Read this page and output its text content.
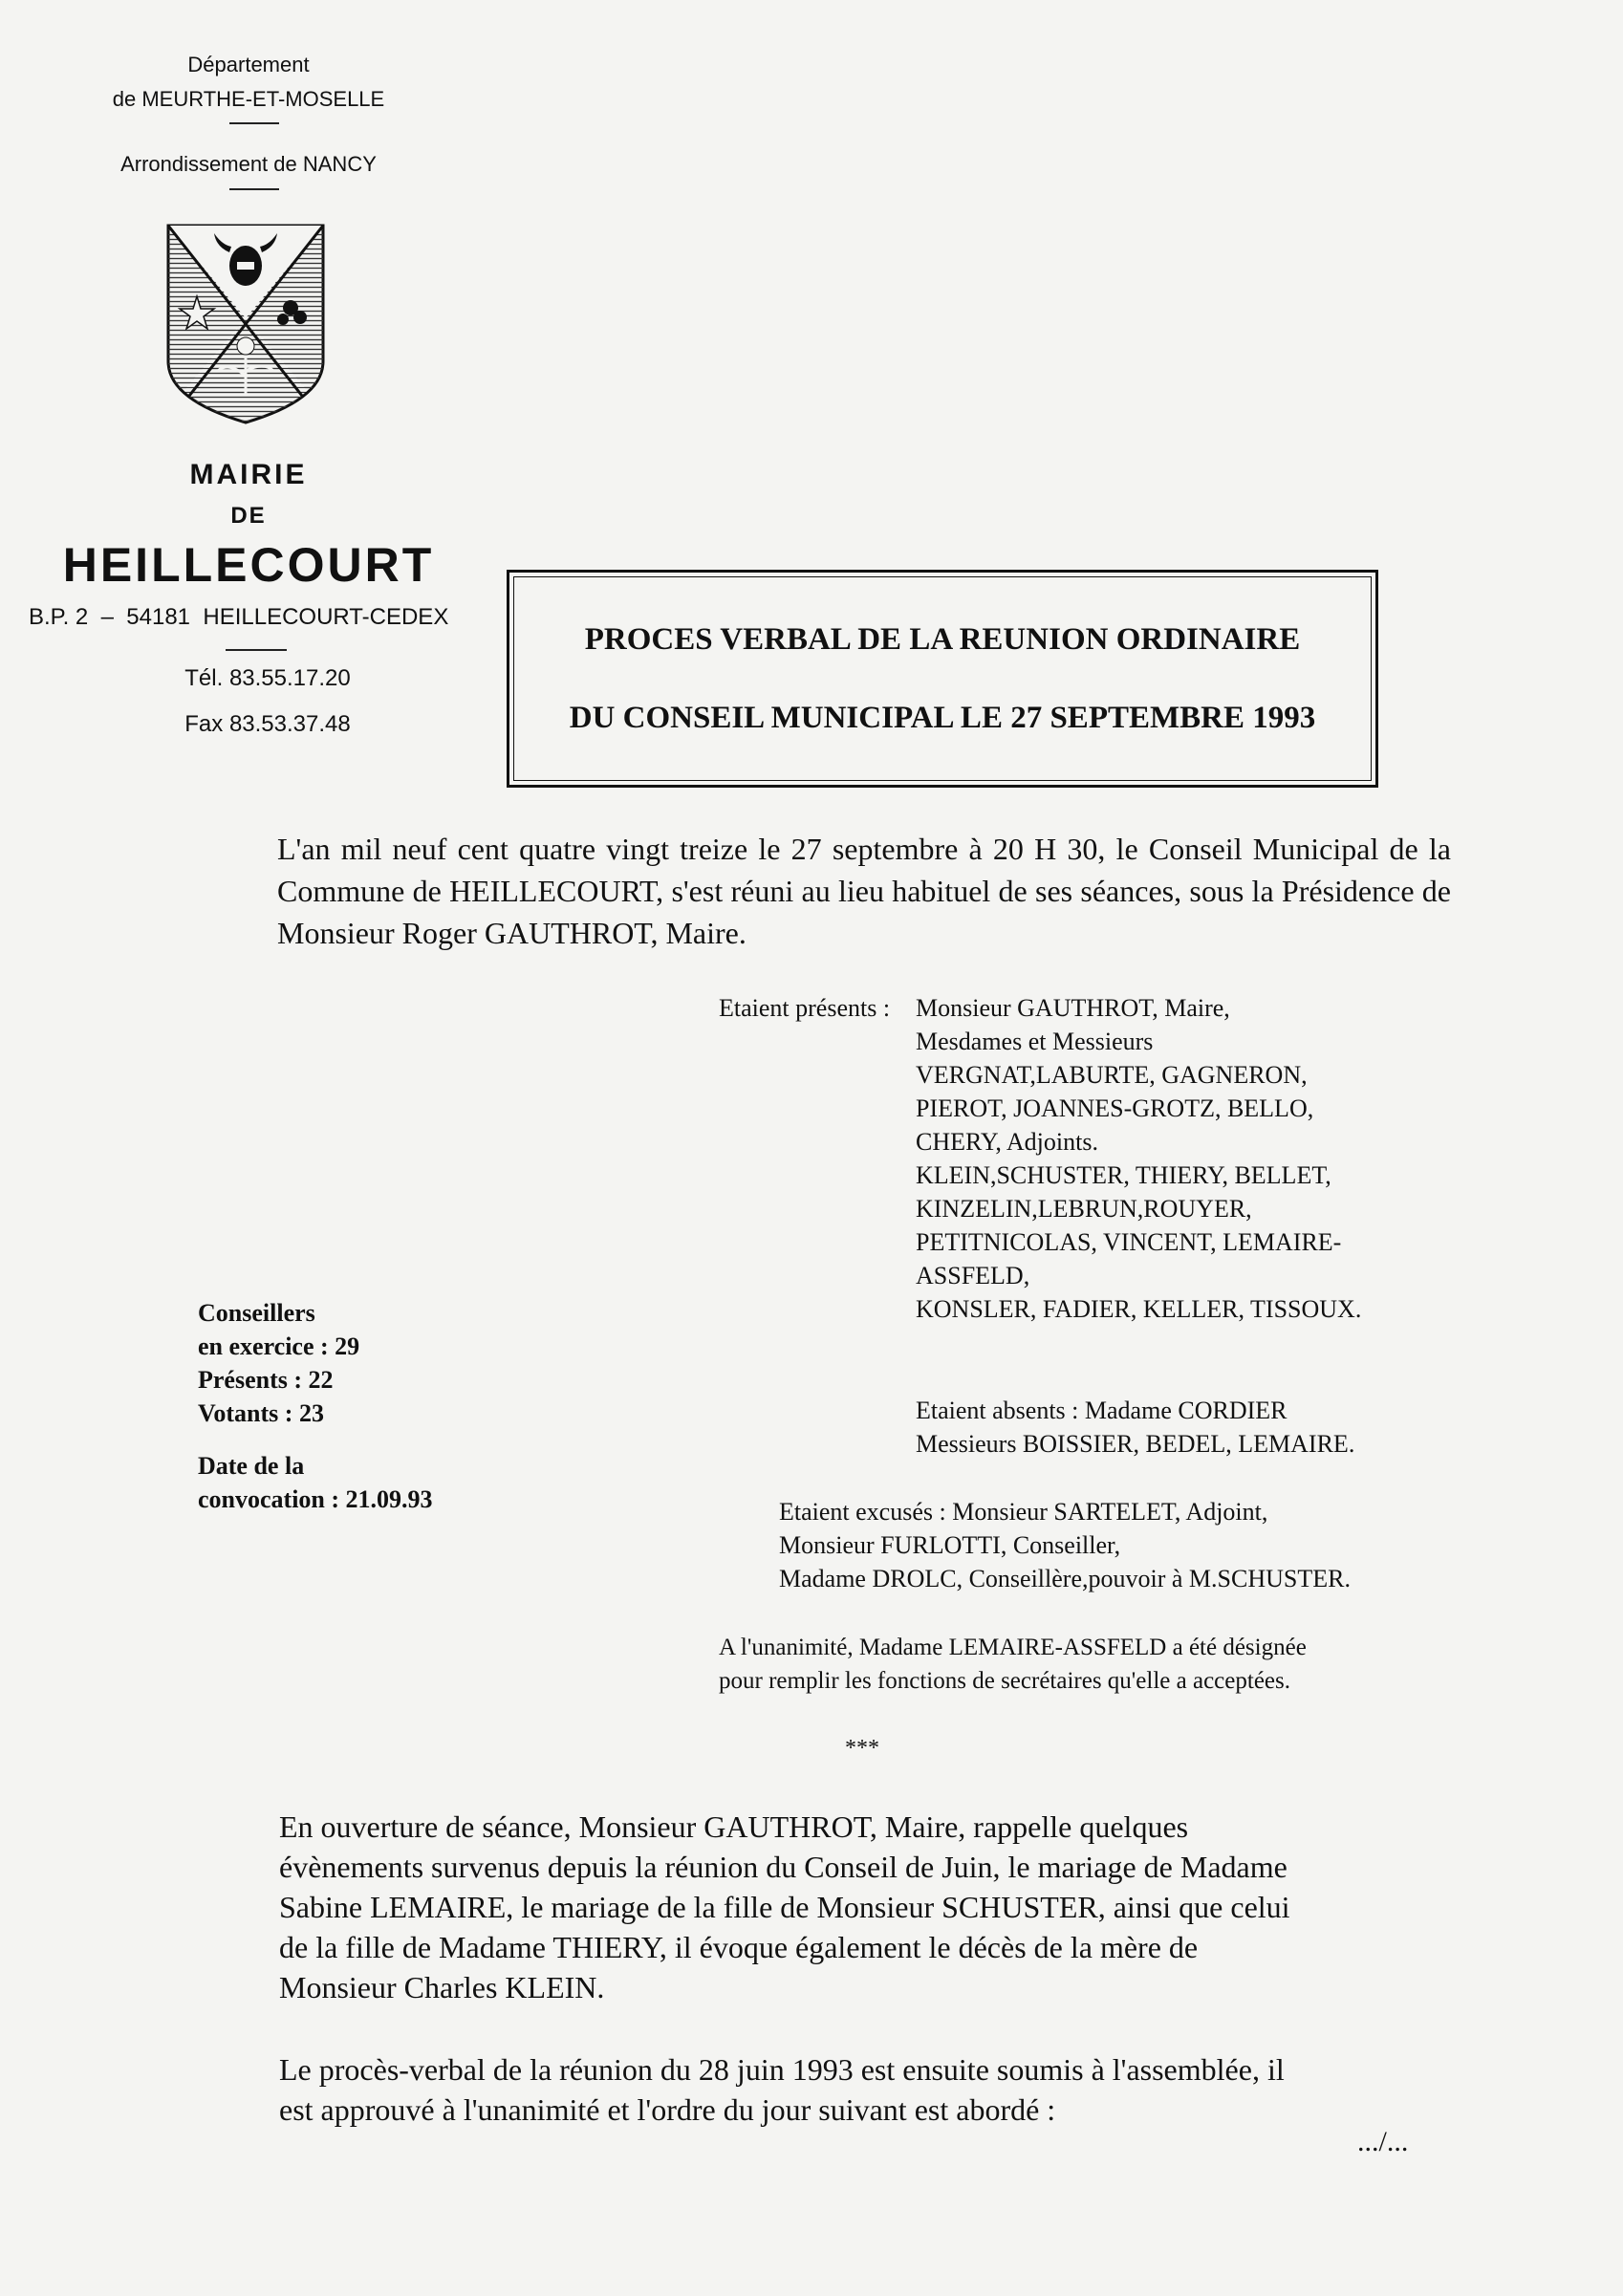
Département
de MEURTHE-ET-MOSELLE
Arrondissement de NANCY
MAIRIE
DE
HEILLECOURT
B.P. 2  –  54181  HEILLECOURT-CEDEX
Tél. 83.55.17.20
Fax 83.53.37.48
PROCES VERBAL DE LA REUNION ORDINAIRE
DU CONSEIL MUNICIPAL LE 27 SEPTEMBRE 1993
L'an mil neuf cent quatre vingt treize le 27 septembre à 20 H 30, le Conseil Municipal de la Commune de HEILLECOURT, s'est réuni au lieu habituel de ses séances, sous la Présidence de Monsieur Roger GAUTHROT, Maire.
Etaient présents : Monsieur GAUTHROT, Maire,
Mesdames et Messieurs
VERGNAT,LABURTE, GAGNERON,
PIEROT, JOANNES-GROTZ, BELLO,
CHERY, Adjoints.
KLEIN,SCHUSTER, THIERY, BELLET,
KINZELIN,LEBRUN,ROUYER,
PETITNICOLAS, VINCENT, LEMAIRE-
ASSFELD,
KONSLER, FADIER, KELLER, TISSOUX.
Conseillers
en exercice : 29
Présents : 22
Votants : 23
Date de la
convocation : 21.09.93
Etaient absents : Madame CORDIER
Messieurs BOISSIER, BEDEL, LEMAIRE.
Etaient excusés : Monsieur SARTELET, Adjoint,
Monsieur FURLOTTI, Conseiller,
Madame DROLC, Conseillère,pouvoir à M.SCHUSTER.
A l'unanimité, Madame LEMAIRE-ASSFELD a été désignée
pour remplir les fonctions de secrétaires qu'elle a acceptées.
***
En ouverture de séance, Monsieur GAUTHROT, Maire, rappelle quelques
évènements survenus depuis la réunion du Conseil de Juin, le mariage de Madame
Sabine LEMAIRE, le mariage de la fille de Monsieur SCHUSTER, ainsi que celui
de la fille de Madame THIERY, il évoque également le décès de la mère de
Monsieur Charles KLEIN.
Le procès-verbal de la réunion du 28 juin 1993 est ensuite soumis à l'assemblée, il
est approuvé à l'unanimité et l'ordre du jour suivant est abordé :
.../...
